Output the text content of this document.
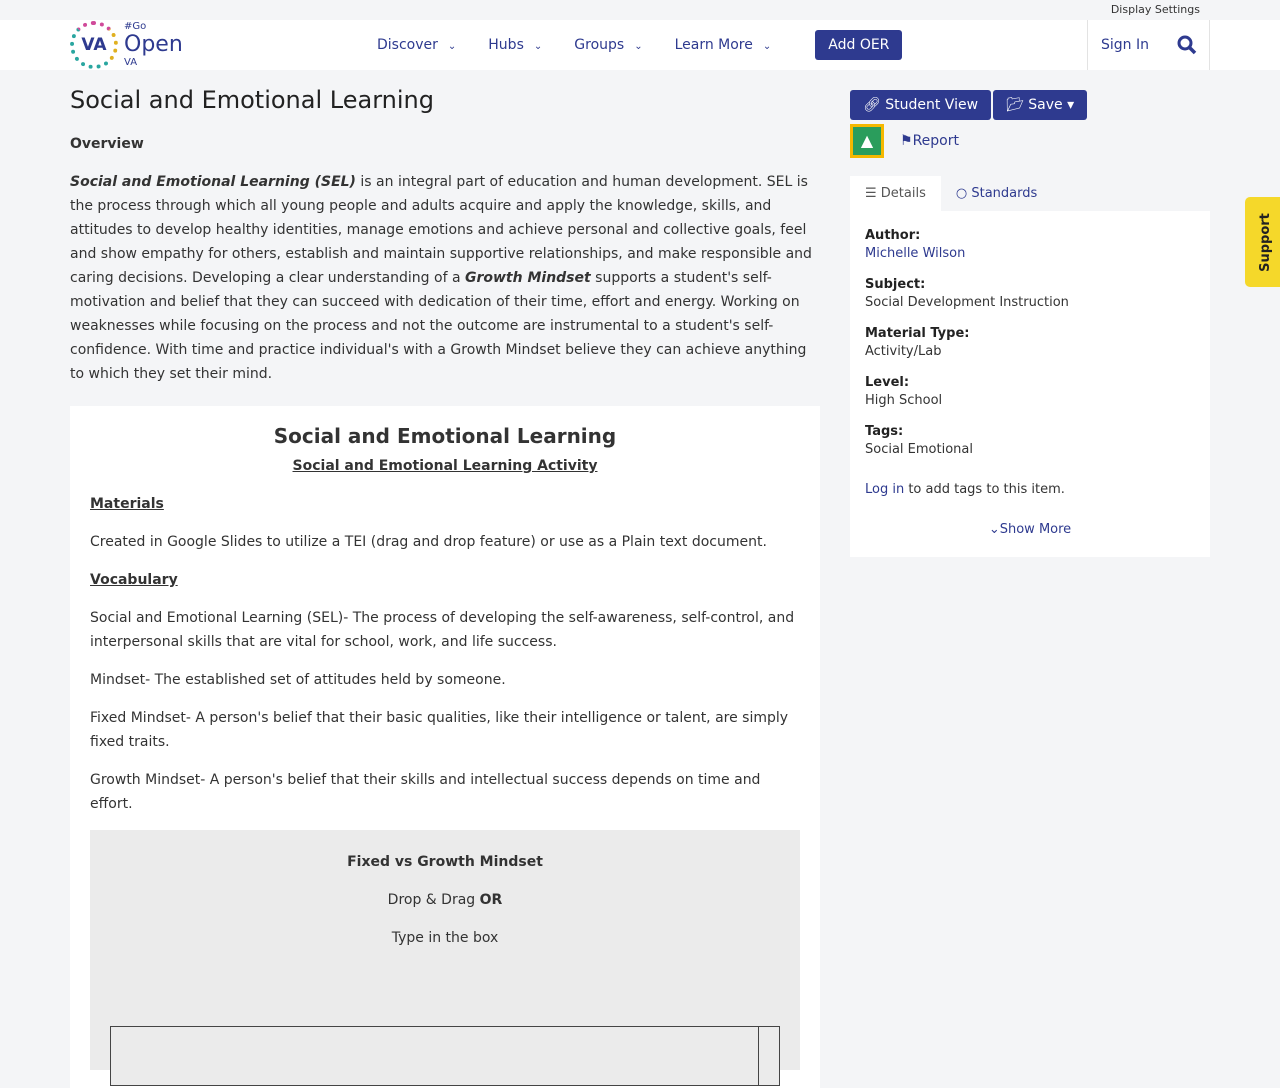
Display Settings
VA
#Go
Open
VA
Discover ⌄ Hubs ⌄ Groups ⌄ Learn More ⌄	Add OER	Sign In
Social and Emotional Learning
Overview
Social and Emotional Learning (SEL) is an integral part of education and human development. SEL is the process through which all young people and adults acquire and apply the knowledge, skills, and attitudes to develop healthy identities, manage emotions and achieve personal and collective goals, feel and show empathy for others, establish and maintain supportive relationships, and make responsible and caring decisions. Developing a clear understanding of a Growth Mindset supports a student's self-motivation and belief that they can succeed with dedication of their time, effort and energy. Working on weaknesses while focusing on the process and not the outcome are instrumental to a student's self-confidence. With time and practice individual's with a Growth Mindset believe they can achieve anything to which they set their mind.
Social and Emotional Learning
Social and Emotional Learning Activity
Materials

Created in Google Slides to utilize a TEI (drag and drop feature) or use as a Plain text document.

Vocabulary

Social and Emotional Learning (SEL)- The process of developing the self-awareness, self-control, and interpersonal skills that are vital for school, work, and life success.

Mindset- The established set of attitudes held by someone.

Fixed Mindset- A person's belief that their basic qualities, like their intelligence or talent, are simply fixed traits.

Growth Mindset- A person's belief that their skills and intellectual success depends on time and effort.

Fixed vs Growth Mindset

Drop & Drag OR

Type in the box

🔗︎ Student View 📂︎ Save ▾
▲	⚑Report
☰ Details	○ Standards
Author:
Michelle Wilson
Subject:
Social Development Instruction
Material Type:
Activity/Lab
Level:
High School
Tags:
Social Emotional
Log in to add tags to this item.
⌄Show More
Support
